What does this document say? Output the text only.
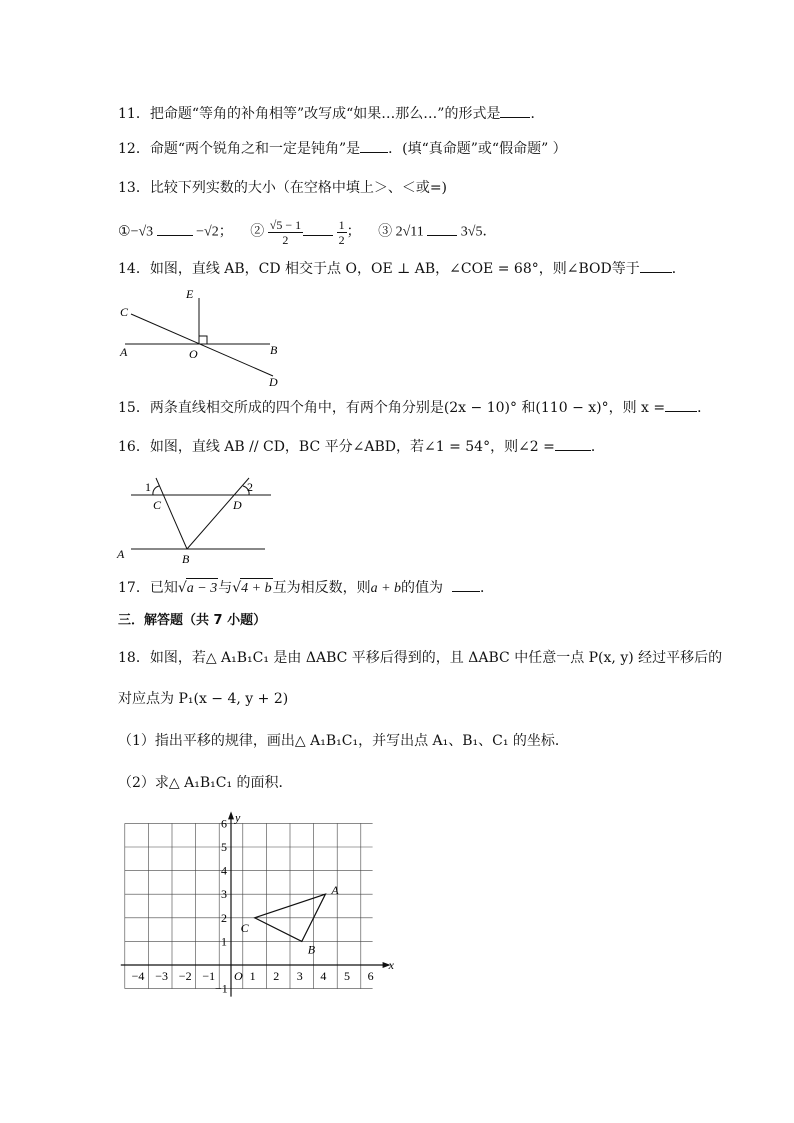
11．把命题“等角的补角相等”改写成“如果…那么…”的形式是 ．
12．命题“两个锐角之和一定是钝角”是 ．(填“真命题”或“假命题” ）
13．比较下列实数的大小（在空格中填上＞、＜或=)
①−√3	−√2； ② $\frac{√5 - 1}{2}$
	$\frac{1}{2}$ ； ③ 2√11	3√5．
14．如图，直线 AB，CD 相交于点 O，OE ⊥ AB，∠COE = 68°，则∠BOD等于 ．
E
C
A	O	B
D
15．两条直线相交所成的四个角中，有两个角分别是(2x − 10)° 和(110 − x)°，则 x = ．
16．如图，直线 AB // CD，BC 平分∠ABD，若∠1 = 54°，则∠2 =	．
1	2
C	D
A	B
17．已知√a − 3与√4 + b互为相反数，则a + b的值为	．
三．解答题（共 7 小题）
18．如图，若△ A₁B₁C₁ 是由 ΔABC 平移后得到的，且 ΔABC 中任意一点 P(x, y) 经过平移后的
对应点为 P₁(x − 4, y + 2)
（1）指出平移的规律，画出△ A₁B₁C₁，并写出点 A₁、B₁、C₁ 的坐标．
（2）求△ A₁B₁C₁ 的面积．
x
y
−4 −3 −2 −1 O 1 2 3 4 5 6
6
5
4
3
2
1
−1
A
B
C
